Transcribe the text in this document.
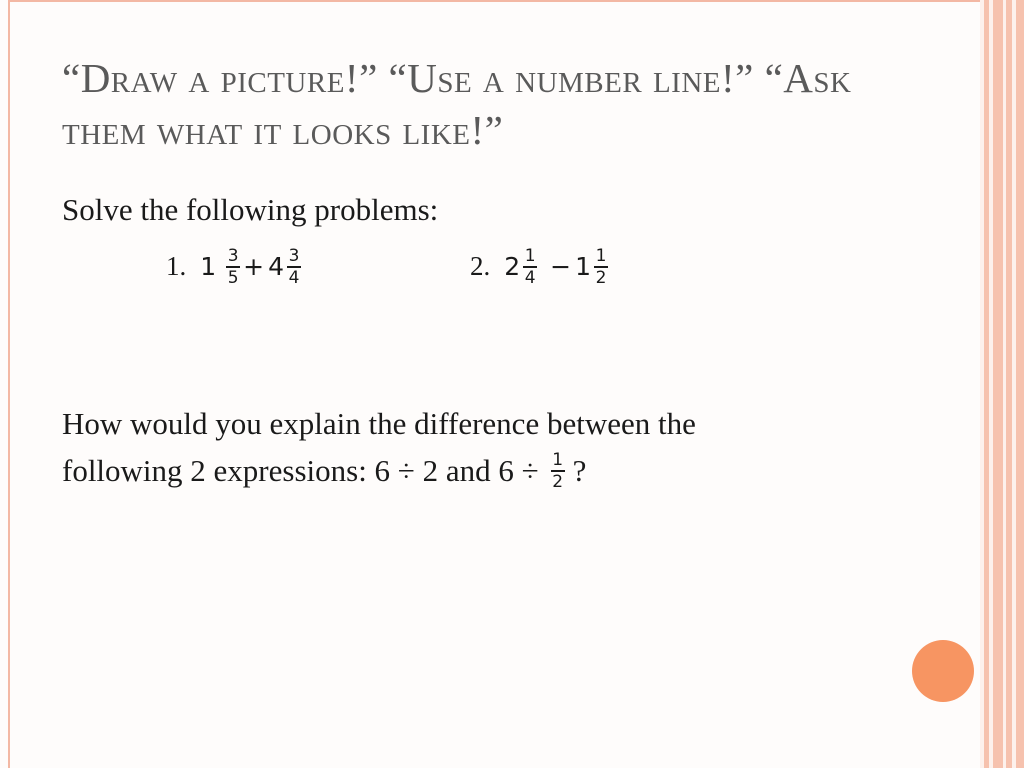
“Draw a picture!” “Use a number line!” “Ask them what it looks like!”
Solve the following problems:
1. $1 \frac{3}{5} + 4 \frac{3}{4}$	2. $2 \frac{1}{4} - 1 \frac{1}{2}$
How would you explain the difference between the
following 2 expressions: 6 ÷ 2 and $6 \div \frac{1}{2}$ ?
